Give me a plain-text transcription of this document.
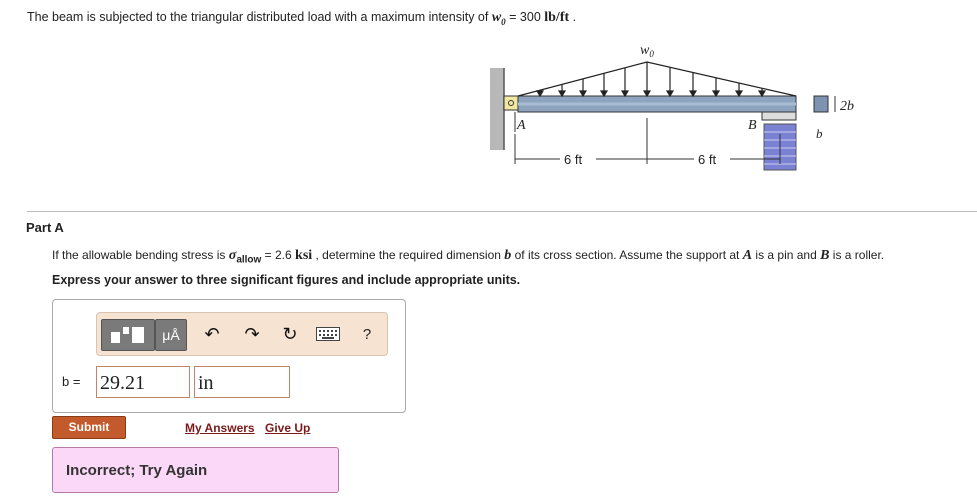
The beam is subjected to the triangular distributed load with a maximum intensity of $w_0 = 300$ lb/ft .
$w_0$
A	B
6 ft	6 ft
2b
b
Part A
If the allowable bending stress is $\sigma_{allow} = 2.6$ ksi , determine the required dimension b of its cross section. Assume the support at A is a pin and B is a roller.
Express your answer to three significant figures and include appropriate units.
μÅ	↶	↷	↻	?
b = 29.21	in
Submit	My Answers Give Up
Incorrect; Try Again
